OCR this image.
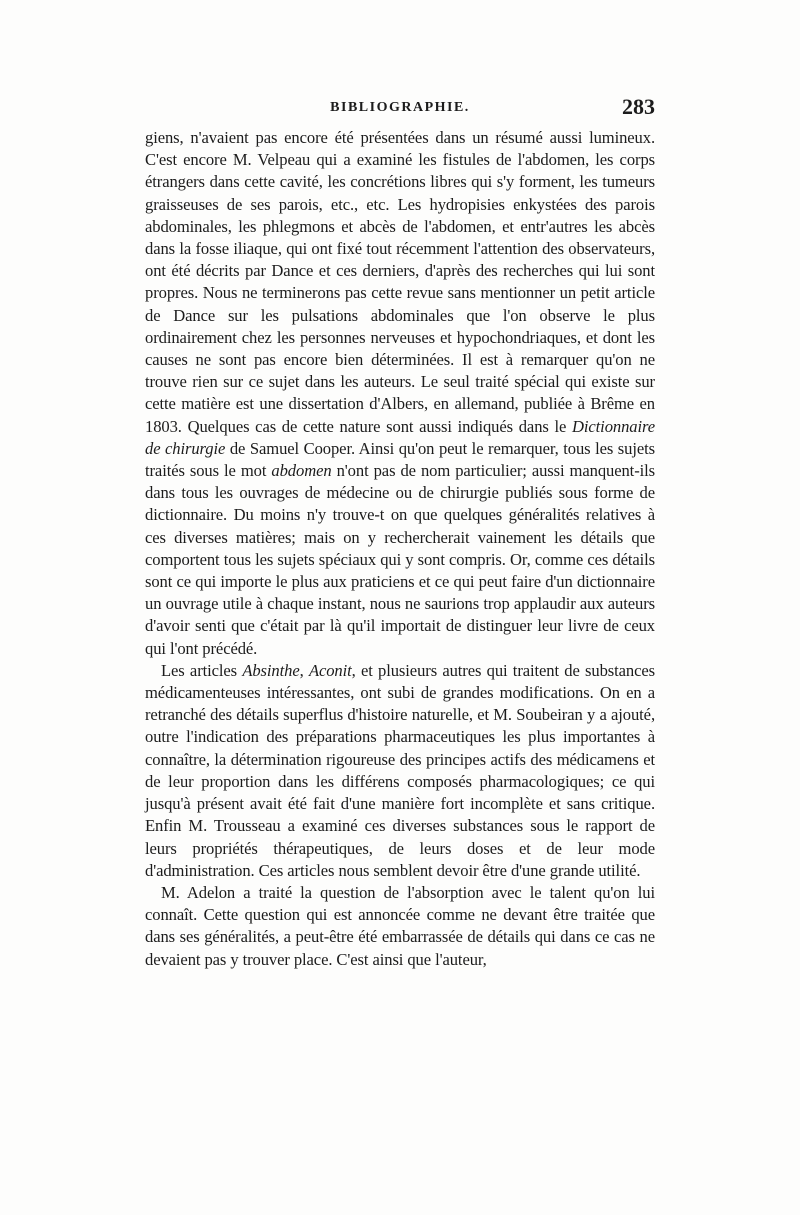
BIBLIOGRAPHIE.	283

giens, n'avaient pas encore été présentées dans un résumé aussi lumineux. C'est encore M. Velpeau qui a examiné les fistules de l'abdomen, les corps étrangers dans cette cavité, les concrétions libres qui s'y forment, les tumeurs graisseuses de ses parois, etc., etc. Les hydropisies enkystées des parois abdominales, les phlegmons et abcès de l'abdomen, et entr'autres les abcès dans la fosse iliaque, qui ont fixé tout récemment l'attention des observateurs, ont été décrits par Dance et ces derniers, d'après des recherches qui lui sont propres. Nous ne terminerons pas cette revue sans mentionner un petit article de Dance sur les pulsations abdominales que l'on observe le plus ordinairement chez les personnes nerveuses et hypochondriaques, et dont les causes ne sont pas encore bien déterminées. Il est à remarquer qu'on ne trouve rien sur ce sujet dans les auteurs. Le seul traité spécial qui existe sur cette matière est une dissertation d'Albers, en allemand, publiée à Brême en 1803. Quelques cas de cette nature sont aussi indiqués dans le Dictionnaire de chirurgie de Samuel Cooper. Ainsi qu'on peut le remarquer, tous les sujets traités sous le mot abdomen n'ont pas de nom particulier; aussi manquent-ils dans tous les ouvrages de médecine ou de chirurgie publiés sous forme de dictionnaire. Du moins n'y trouve-t on que quelques généralités relatives à ces diverses matières; mais on y rechercherait vainement les détails que comportent tous les sujets spéciaux qui y sont compris. Or, comme ces détails sont ce qui importe le plus aux praticiens et ce qui peut faire d'un dictionnaire un ouvrage utile à chaque instant, nous ne saurions trop applaudir aux auteurs d'avoir senti que c'était par là qu'il importait de distinguer leur livre de ceux qui l'ont précédé.

Les articles Absinthe, Aconit, et plusieurs autres qui traitent de substances médicamenteuses intéressantes, ont subi de grandes modifications. On en a retranché des détails superflus d'histoire naturelle, et M. Soubeiran y a ajouté, outre l'indication des préparations pharmaceutiques les plus importantes à connaître, la détermination rigoureuse des principes actifs des médicamens et de leur proportion dans les différens composés pharmacologiques; ce qui jusqu'à présent avait été fait d'une manière fort incomplète et sans critique. Enfin M. Trousseau a examiné ces diverses substances sous le rapport de leurs propriétés thérapeutiques, de leurs doses et de leur mode d'administration. Ces articles nous semblent devoir être d'une grande utilité.

M. Adelon a traité la question de l'absorption avec le talent qu'on lui connaît. Cette question qui est annoncée comme ne devant être traitée que dans ses généralités, a peut-être été embarrassée de détails qui dans ce cas ne devaient pas y trouver place. C'est ainsi que l'auteur,
